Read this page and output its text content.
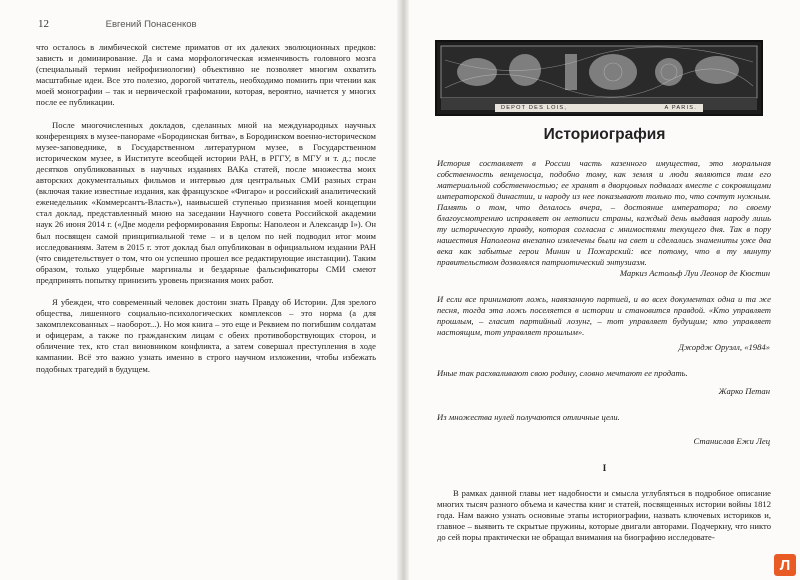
12	Евгений Понасенков

что осталось в лимбической системе приматов от их далеких эволюционных предков: зависть и доминирование. Да и сама морфологическая изменчивость головного мозга (специальный термин нейрофизиологии) объективно не позволяет многим охватить масштабные идеи. Все это полезно, дорогой читатель, необходимо помнить при чтении как моей монографии – так и нервической графомании, которая, вероятно, начнется у многих после ее публикации.

После многочисленных докладов, сделанных мной на международных научных конференциях в музее-панораме «Бородинская битва», в Бородинском военно-историческом музее-заповеднике, в Государственном литературном музее, в Государственном историческом музее, в Институте всеобщей истории РАН, в РГГУ, в МГУ и т. д.; после десятков опубликованных в научных изданиях ВАКа статей, после множества моих авторских документальных фильмов и интервью для центральных СМИ разных стран (включая такие известные издания, как французское «Фигаро» и российский аналитический еженедельник «Коммерсантъ-Власть»), наивысшей ступенью признания моей концепции стал доклад, представленный мною на заседании Научного совета Российской академии наук 26 июня 2014 г. («Две модели реформирования Европы: Наполеон и Александр I»). Он был посвящен самой принципиальной теме – и в целом по ней подводил итог моим исследованиям. Затем в 2015 г. этот доклад был опубликован в официальном издании РАН (что свидетельствует о том, что он успешно прошел все редактирующие инстанции). Таким образом, только ущербные маргиналы и бездарные фальсификаторы СМИ смеют предпринять попытку принизить уровень признания моих работ.

Я убежден, что современный человек достоин знать Правду об Истории. Для зрелого общества, лишенного социально-психологических комплексов – это норма (а для закомплексованных – наоборот...). Но моя книга – это еще и Реквием по погибшим солдатам и офицерам, а также по гражданским лицам с обеих противоборствующих сторон, и обличение тех, кто стал виновником конфликта, а затем совершал преступления в ходе кампании. Всё это важно узнать именно в строго научном изложении, чтобы избежать подобных трагедий в будущем.

DEPOT DES LOIS,	A PARIS.
Историография
История составляет в России часть казенного имущества, это моральная собственность венценосца, подобно тому, как земля и люди являются там его материальной собственностью; ее хранят в дворцовых подвалах вместе с сокровищами императорской династии, и народу из нее показывают только то, что сочтут нужным. Память о том, что делалось вчера, – достояние императора; по своему благоусмотрению исправляет он летописи страны, каждый день выдавая народу лишь ту историческую правду, которая согласна с мнимостями текущего дня. Так в пору нашествия Наполеона внезапно извлечены были на свет и сделались знамениты уже два века как забытые герои Минин и Пожарский: все потому, что в ту минуту правительством дозволялся патриотический энтузиазм.
Маркиз Астольф Луи Леонор де Кюстин
И если все принимают ложь, навязанную партией, и во всех документах одна и та же песня, тогда эта ложь поселяется в истории и становится правдой. «Кто управляет прошлым, – гласит партийный лозунг, – тот управляет будущим; кто управляет настоящим, тот управляет прошлым».
Джордж Оруэлл, «1984»
Иные так расхваливают свою родину, словно мечтают ее продать.
Жарко Петан
Из множества нулей получаются отличные цели.
Станислав Ежи Лец
I

В рамках данной главы нет надобности и смысла углубляться в подробное описание многих тысяч разного объема и качества книг и статей, посвященных истории войны 1812 года. Нам важно узнать основные этапы историографии, назвать ключевых историков и, главное – выявить те скрытые пружины, которые двигали авторами. Подчеркну, что никто до сей поры практически не обращал внимания на биографию исследовате-

Л
